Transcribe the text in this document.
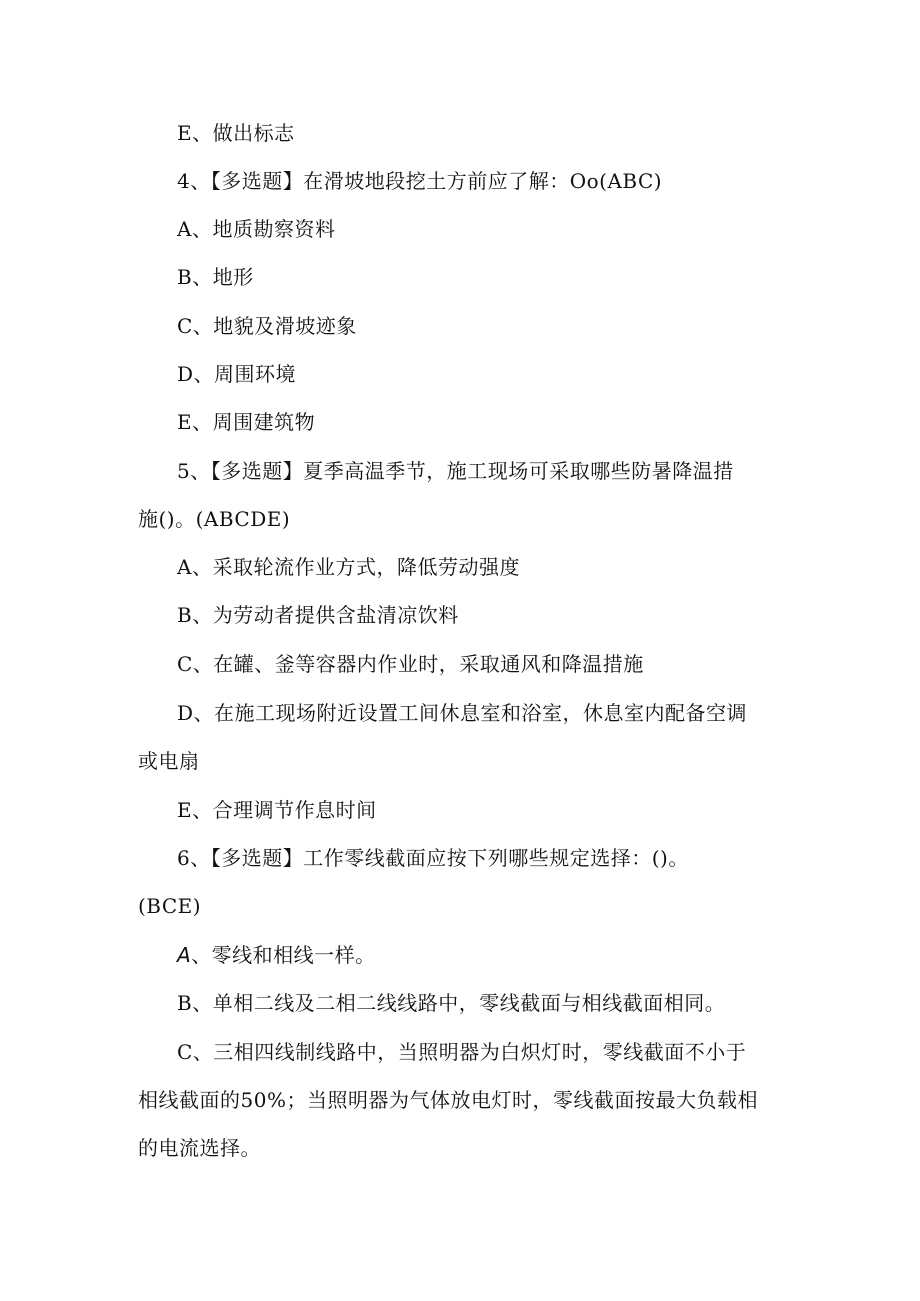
E、做出标志
4、【多选题】在滑坡地段挖土方前应了解：Oo(ABC)
A、地质勘察资料
B、地形
C、地貌及滑坡迹象
D、周围环境
E、周围建筑物
5、【多选题】夏季高温季节，施工现场可采取哪些防暑降温措
施()。(ABCDE)
A、采取轮流作业方式，降低劳动强度
B、为劳动者提供含盐清凉饮料
C、在罐、釜等容器内作业时，采取通风和降温措施
D、在施工现场附近设置工间休息室和浴室，休息室内配备空调
或电扇
E、合理调节作息时间
6、【多选题】工作零线截面应按下列哪些规定选择：()。
(BCE)
A、零线和相线一样。
B、单相二线及二相二线线路中，零线截面与相线截面相同。
C、三相四线制线路中，当照明器为白炽灯时，零线截面不小于
相线截面的50%；当照明器为气体放电灯时，零线截面按最大负载相
的电流选择。
